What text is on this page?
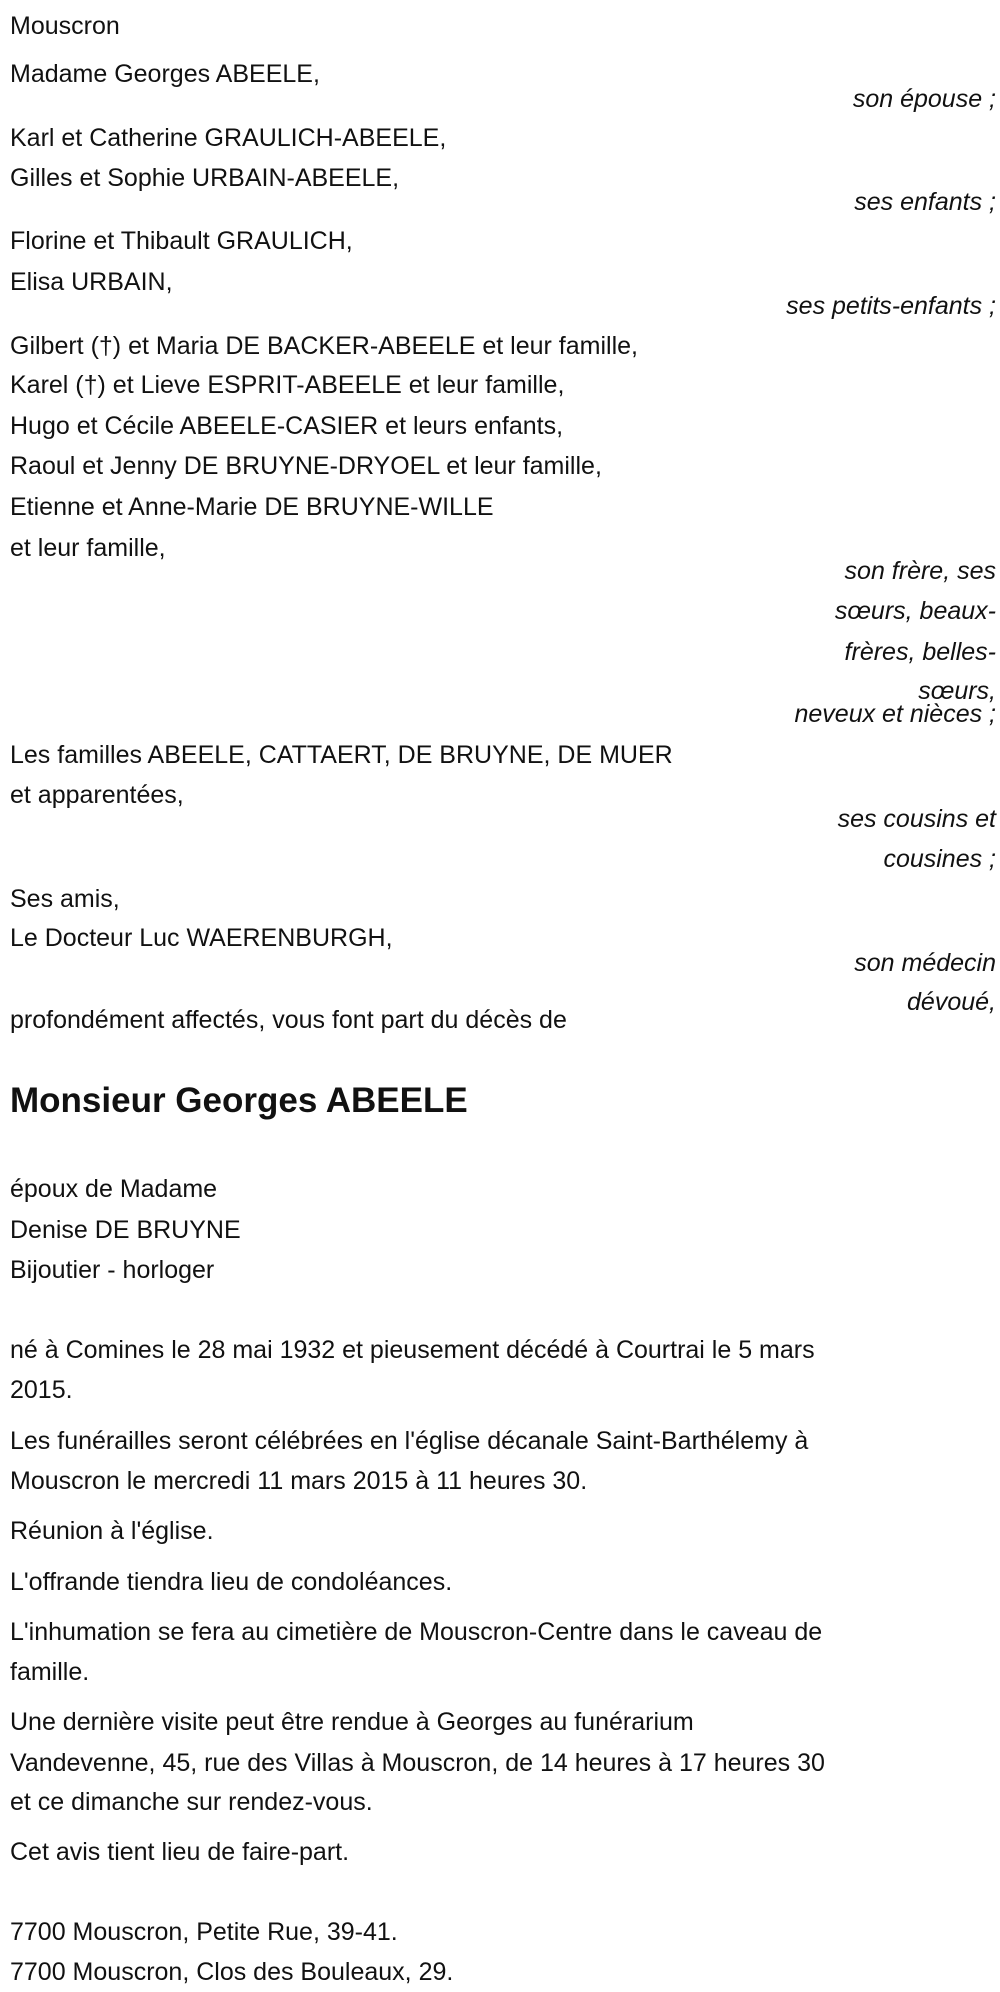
Mouscron
Madame Georges ABEELE,
son épouse ;
Karl et Catherine GRAULICH-ABEELE,
Gilles et Sophie URBAIN-ABEELE,
ses enfants ;
Florine et Thibault GRAULICH,
Elisa URBAIN,
ses petits-enfants ;
Gilbert (†) et Maria DE BACKER-ABEELE et leur famille,
Karel (†) et Lieve ESPRIT-ABEELE et leur famille,
Hugo et Cécile ABEELE-CASIER et leurs enfants,
Raoul et Jenny DE BRUYNE-DRYOEL et leur famille,
Etienne et Anne-Marie DE BRUYNE-WILLE
et leur famille,
son frère, ses
sœurs, beaux-
frères, belles-
sœurs,
neveux et nièces ;
Les familles ABEELE, CATTAERT, DE BRUYNE, DE MUER
et apparentées,
ses cousins et
cousines ;
Ses amis,
Le Docteur Luc WAERENBURGH,
son médecin
dévoué,
profondément affectés, vous font part du décès de
Monsieur Georges ABEELE
époux de Madame
Denise DE BRUYNE
Bijoutier - horloger
né à Comines le 28 mai 1932 et pieusement décédé à Courtrai le 5 mars
2015.
Les funérailles seront célébrées en l'église décanale Saint-Barthélemy à
Mouscron le mercredi 11 mars 2015 à 11 heures 30.
Réunion à l'église.
L'offrande tiendra lieu de condoléances.
L'inhumation se fera au cimetière de Mouscron-Centre dans le caveau de
famille.
Une dernière visite peut être rendue à Georges au funérarium
Vandevenne, 45, rue des Villas à Mouscron, de 14 heures à 17 heures 30
et ce dimanche sur rendez-vous.
Cet avis tient lieu de faire-part.
7700 Mouscron, Petite Rue, 39-41.
7700 Mouscron, Clos des Bouleaux, 29.
